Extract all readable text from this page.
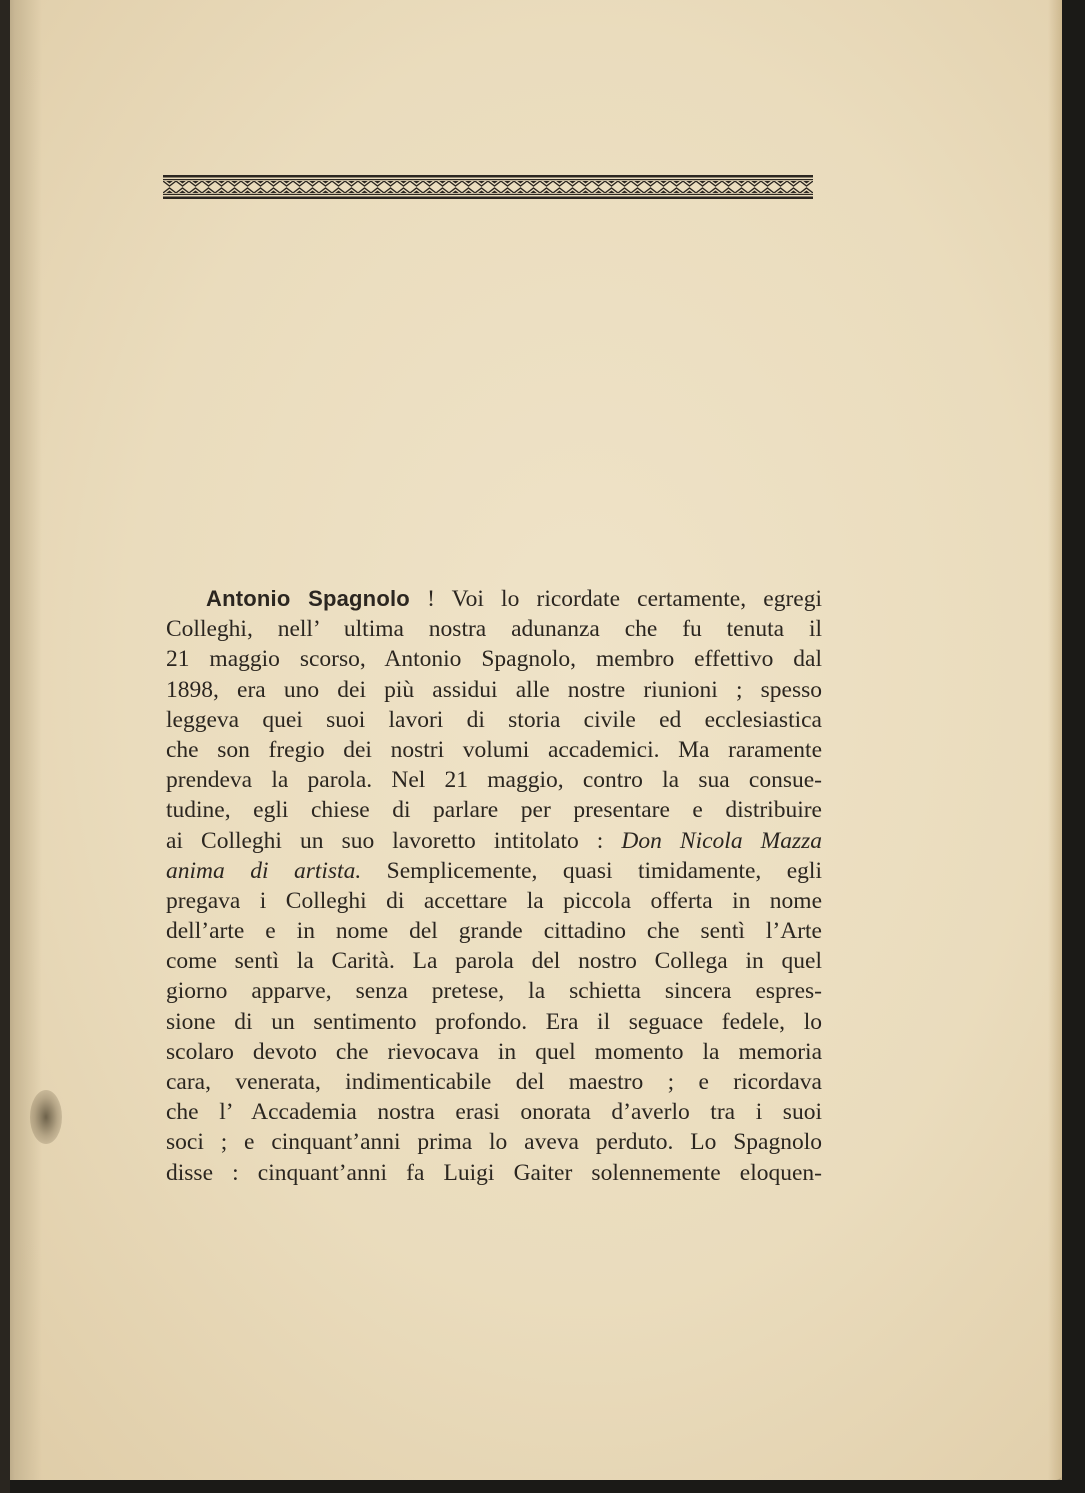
Antonio Spagnolo ! Voi lo ricordate certamente, egregi
Colleghi, nell’ ultima nostra adunanza che fu tenuta il
21 maggio scorso, Antonio Spagnolo, membro effettivo dal
1898, era uno dei più assidui alle nostre riunioni ; spesso
leggeva quei suoi lavori di storia civile ed ecclesiastica
che son fregio dei nostri volumi accademici. Ma raramente
prendeva la parola. Nel 21 maggio, contro la sua consue-
tudine, egli chiese di parlare per presentare e distribuire
ai Colleghi un suo lavoretto intitolato : Don Nicola Mazza
anima di artista. Semplicemente, quasi timidamente, egli
pregava i Colleghi di accettare la piccola offerta in nome
dell’arte e in nome del grande cittadino che sentì l’Arte
come sentì la Carità. La parola del nostro Collega in quel
giorno apparve, senza pretese, la schietta sincera espres-
sione di un sentimento profondo. Era il seguace fedele, lo
scolaro devoto che rievocava in quel momento la memoria
cara, venerata, indimenticabile del maestro ; e ricordava
che l’ Accademia nostra erasi onorata d’averlo tra i suoi
soci ; e cinquant’anni prima lo aveva perduto. Lo Spagnolo
disse : cinquant’anni fa Luigi Gaiter solennemente eloquen-
